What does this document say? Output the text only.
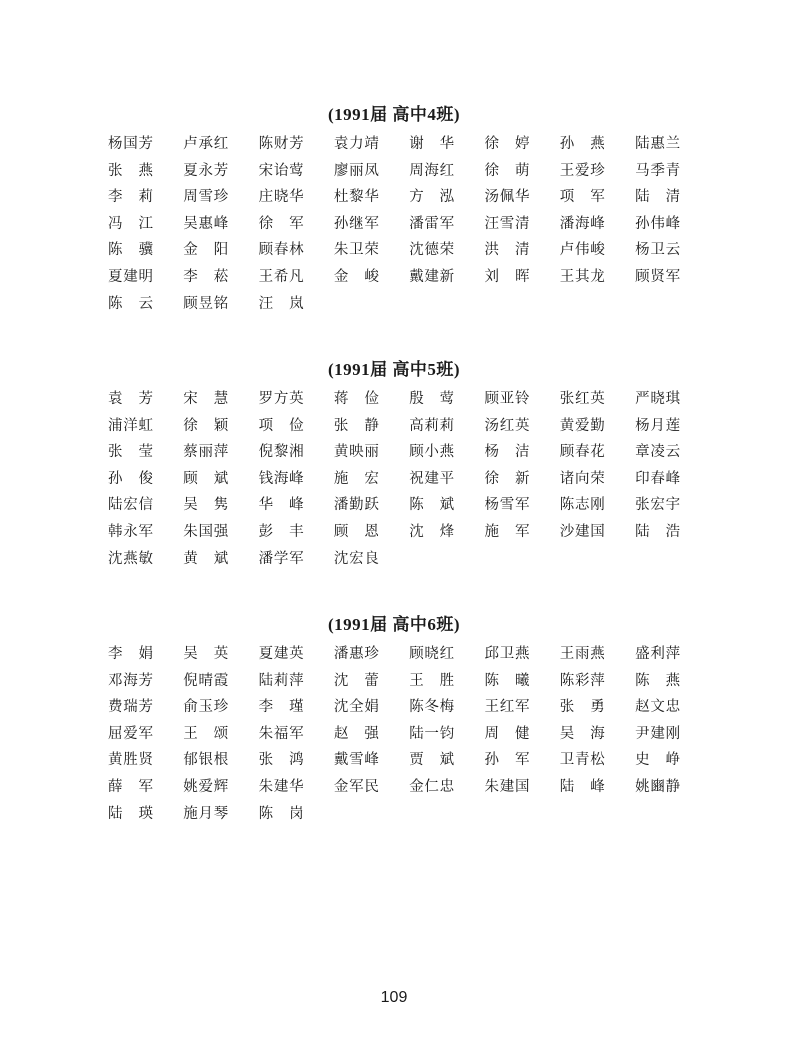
(1991届 高中4班)
杨国芳 卢承红 陈财芳 袁力靖 谢 华 徐 婷 孙 燕 陆惠兰
张 燕 夏永芳 宋诒莺 廖丽凤 周海红 徐 萌 王爱珍 马季青
李 莉 周雪珍 庄晓华 杜黎华 方 泓 汤佩华 项 军 陆 清
冯 江 吴惠峰 徐 军 孙继军 潘雷军 汪雪清 潘海峰 孙伟峰
陈 骥 金 阳 顾春林 朱卫荣 沈德荣 洪 清 卢伟峻 杨卫云
夏建明 李 菘 王希凡 金 峻 戴建新 刘 晖 王其龙 顾贤军
陈 云 顾昱铭 汪 岚
(1991届 高中5班)
袁 芳 宋 慧 罗方英 蒋 俭 殷 莺 顾亚铃 张红英 严晓琪
浦洋虹 徐 颖 项 俭 张 静 高莉莉 汤红英 黄爱勤 杨月莲
张 莹 蔡丽萍 倪黎湘 黄映丽 顾小燕 杨 洁 顾春花 章凌云
孙 俊 顾 斌 钱海峰 施 宏 祝建平 徐 新 诸向荣 印春峰
陆宏信 吴 隽 华 峰 潘勤跃 陈 斌 杨雪军 陈志刚 张宏宇
韩永军 朱国强 彭 丰 顾 恩 沈 烽 施 军 沙建国 陆 浩
沈燕敏 黄 斌 潘学军 沈宏良
(1991届 高中6班)
李 娟 吴 英 夏建英 潘惠珍 顾晓红 邱卫燕 王雨燕 盛利萍
邓海芳 倪晴霞 陆莉萍 沈 蕾 王 胜 陈 曦 陈彩萍 陈 燕
费瑞芳 俞玉珍 李 瑾 沈全娟 陈冬梅 王红军 张 勇 赵文忠
屈爱军 王 颂 朱福军 赵 强 陆一钧 周 健 吴 海 尹建刚
黄胜贤 郁银根 张 鸿 戴雪峰 贾 斌 孙 军 卫青松 史 峥
薛 军 姚爱辉 朱建华 金军民 金仁忠 朱建国 陆 峰 姚豳静
陆 瑛 施月琴 陈 岗
109
